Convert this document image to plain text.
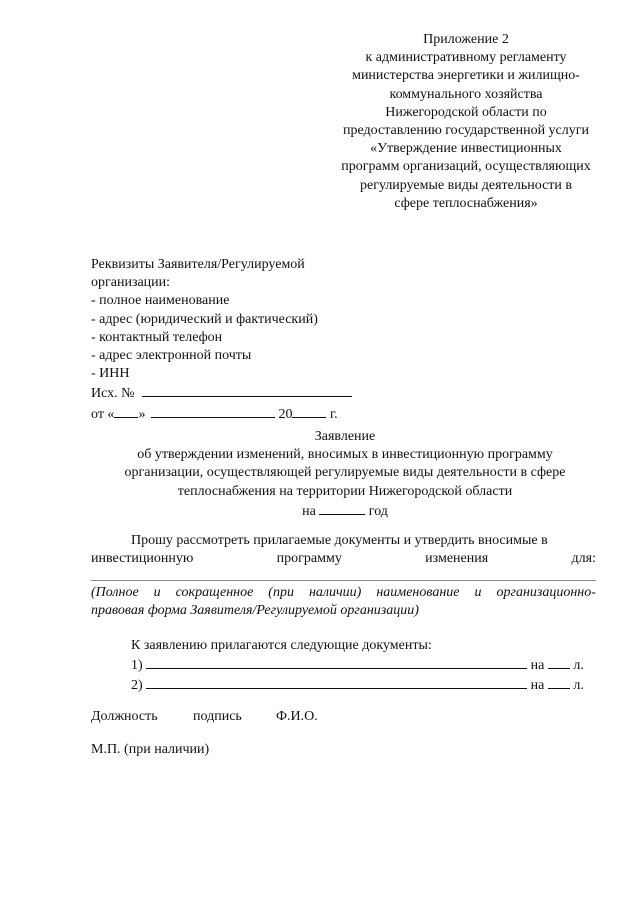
Приложение 2
к административному регламенту
министерства энергетики и жилищно-
коммунального хозяйства
Нижегородской области по
предоставлению государственной услуги
«Утверждение инвестиционных
программ организаций, осуществляющих
регулируемые виды деятельности в
сфере теплоснабжения»
Реквизиты Заявителя/Регулируемой
организации:
- полное наименование
- адрес (юридический и фактический)
- контактный телефон
- адрес электронной почты
- ИНН
Исх. №
от « »	20	г.
Заявление
об утверждении изменений, вносимых в инвестиционную программу
организации, осуществляющей регулируемые виды деятельности в сфере
теплоснабжения на территории Нижегородской области
на	год
Прошу рассмотреть прилагаемые документы и утвердить вносимые в
инвестиционную	программу	изменения	для:
(Полное и сокращенное (при наличии) наименование и организационно-
правовая форма Заявителя/Регулируемой организации)
К заявлению прилагаются следующие документы:
1)	на л.
2)	на л.
Должность	подпись Ф.И.О.
М.П. (при наличии)
